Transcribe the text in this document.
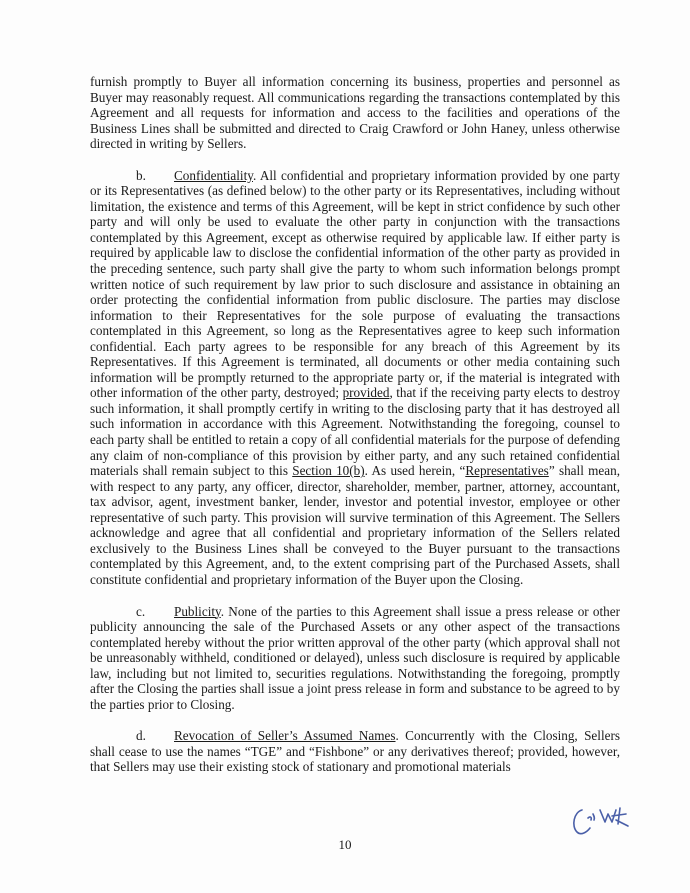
furnish promptly to Buyer all information concerning its business, properties and personnel as Buyer may reasonably request. All communications regarding the transactions contemplated by this Agreement and all requests for information and access to the facilities and operations of the Business Lines shall be submitted and directed to Craig Crawford or John Haney, unless otherwise directed in writing by Sellers.

b. Confidentiality. All confidential and proprietary information provided by one party or its Representatives (as defined below) to the other party or its Representatives, including without limitation, the existence and terms of this Agreement, will be kept in strict confidence by such other party and will only be used to evaluate the other party in conjunction with the transactions contemplated by this Agreement, except as otherwise required by applicable law. If either party is required by applicable law to disclose the confidential information of the other party as provided in the preceding sentence, such party shall give the party to whom such information belongs prompt written notice of such requirement by law prior to such disclosure and assistance in obtaining an order protecting the confidential information from public disclosure. The parties may disclose information to their Representatives for the sole purpose of evaluating the transactions contemplated in this Agreement, so long as the Representatives agree to keep such information confidential. Each party agrees to be responsible for any breach of this Agreement by its Representatives. If this Agreement is terminated, all documents or other media containing such information will be promptly returned to the appropriate party or, if the material is integrated with other information of the other party, destroyed; provided, that if the receiving party elects to destroy such information, it shall promptly certify in writing to the disclosing party that it has destroyed all such information in accordance with this Agreement. Notwithstanding the foregoing, counsel to each party shall be entitled to retain a copy of all confidential materials for the purpose of defending any claim of non-compliance of this provision by either party, and any such retained confidential materials shall remain subject to this Section 10(b). As used herein, “Representatives” shall mean, with respect to any party, any officer, director, shareholder, member, partner, attorney, accountant, tax advisor, agent, investment banker, lender, investor and potential investor, employee or other representative of such party. This provision will survive termination of this Agreement. The Sellers acknowledge and agree that all confidential and proprietary information of the Sellers related exclusively to the Business Lines shall be conveyed to the Buyer pursuant to the transactions contemplated by this Agreement, and, to the extent comprising part of the Purchased Assets, shall constitute confidential and proprietary information of the Buyer upon the Closing.

c. Publicity. None of the parties to this Agreement shall issue a press release or other publicity announcing the sale of the Purchased Assets or any other aspect of the transactions contemplated hereby without the prior written approval of the other party (which approval shall not be unreasonably withheld, conditioned or delayed), unless such disclosure is required by applicable law, including but not limited to, securities regulations. Notwithstanding the foregoing, promptly after the Closing the parties shall issue a joint press release in form and substance to be agreed to by the parties prior to Closing.

d. Revocation of Seller’s Assumed Names. Concurrently with the Closing, Sellers shall cease to use the names “TGE” and “Fishbone” or any derivatives thereof; provided, however, that Sellers may use their existing stock of stationary and promotional materials

10
